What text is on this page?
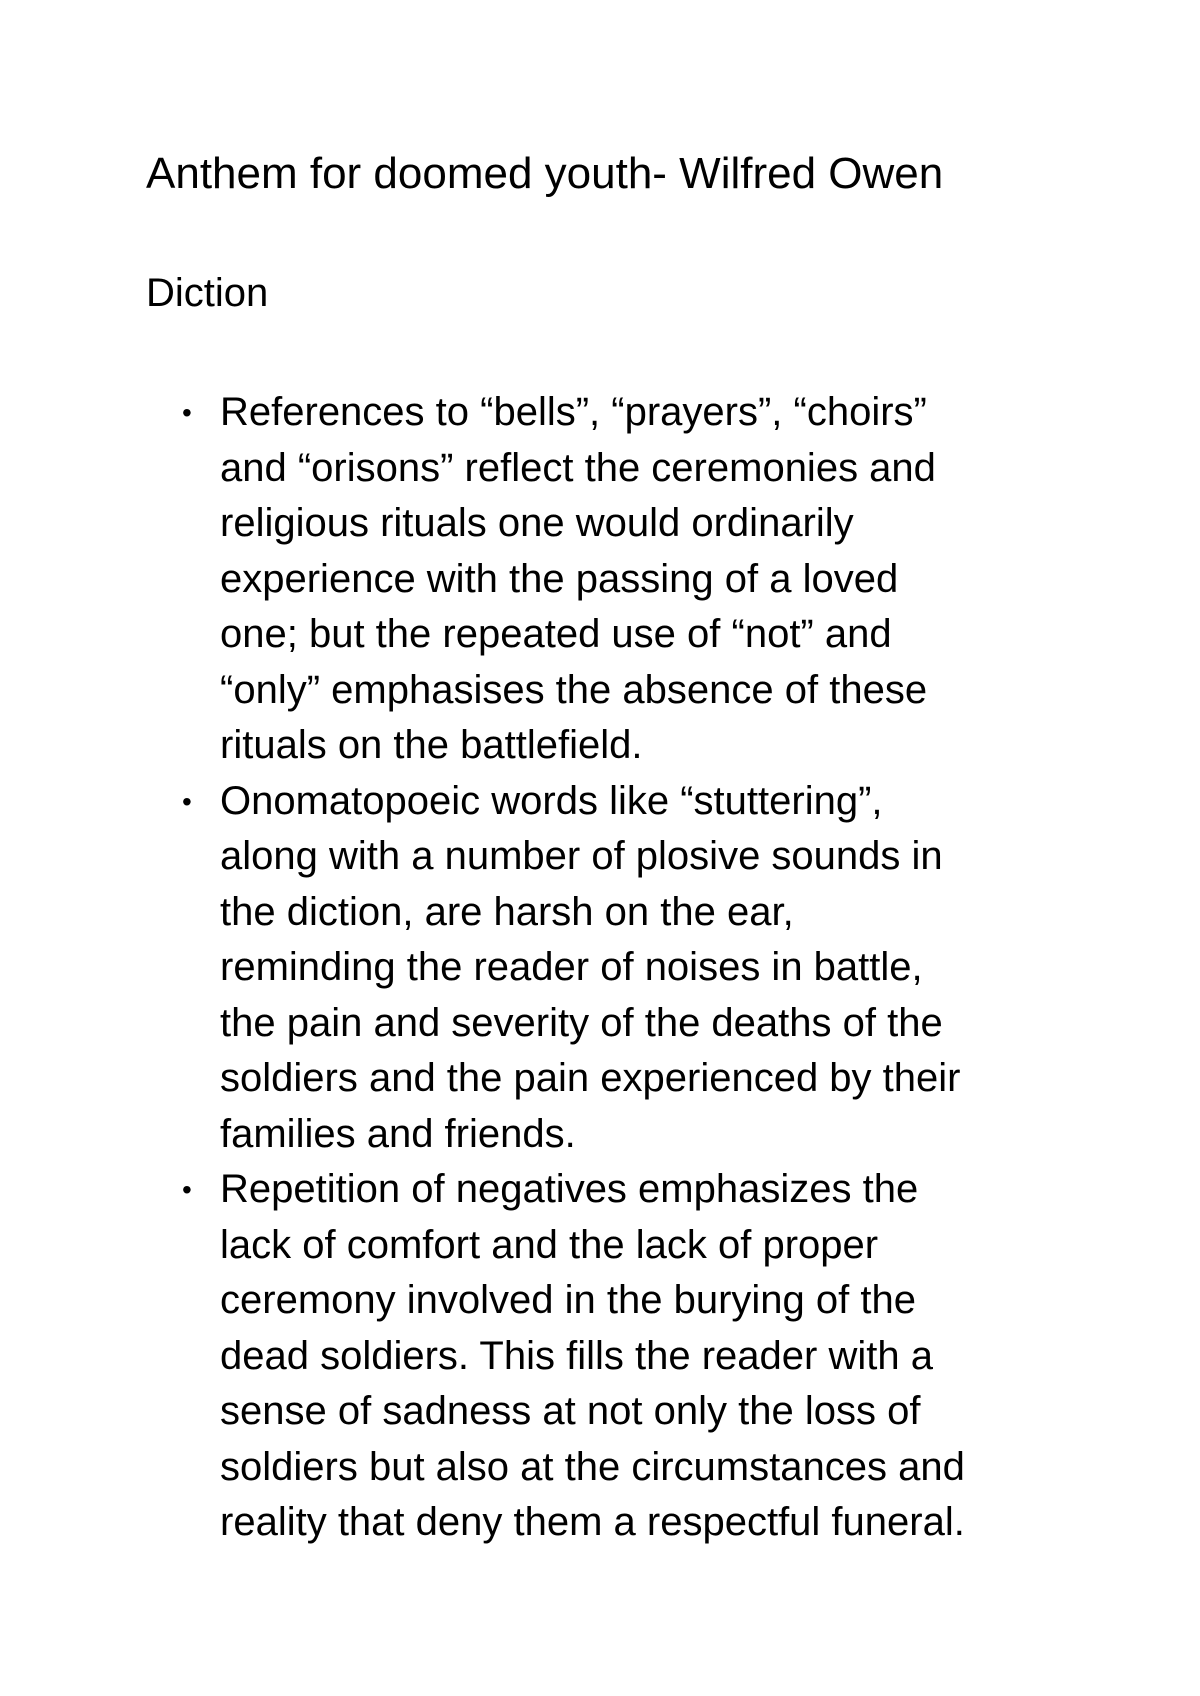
Anthem for doomed youth- Wilfred Owen
Diction
• References to “bells”, “prayers”, “choirs”
and “orisons” reflect the ceremonies and
religious rituals one would ordinarily
experience with the passing of a loved
one; but the repeated use of “not” and
“only” emphasises the absence of these
rituals on the battlefield.
• Onomatopoeic words like “stuttering”,
along with a number of plosive sounds in
the diction, are harsh on the ear,
reminding the reader of noises in battle,
the pain and severity of the deaths of the
soldiers and the pain experienced by their
families and friends.
• Repetition of negatives emphasizes the
lack of comfort and the lack of proper
ceremony involved in the burying of the
dead soldiers. This fills the reader with a
sense of sadness at not only the loss of
soldiers but also at the circumstances and
reality that deny them a respectful funeral.
